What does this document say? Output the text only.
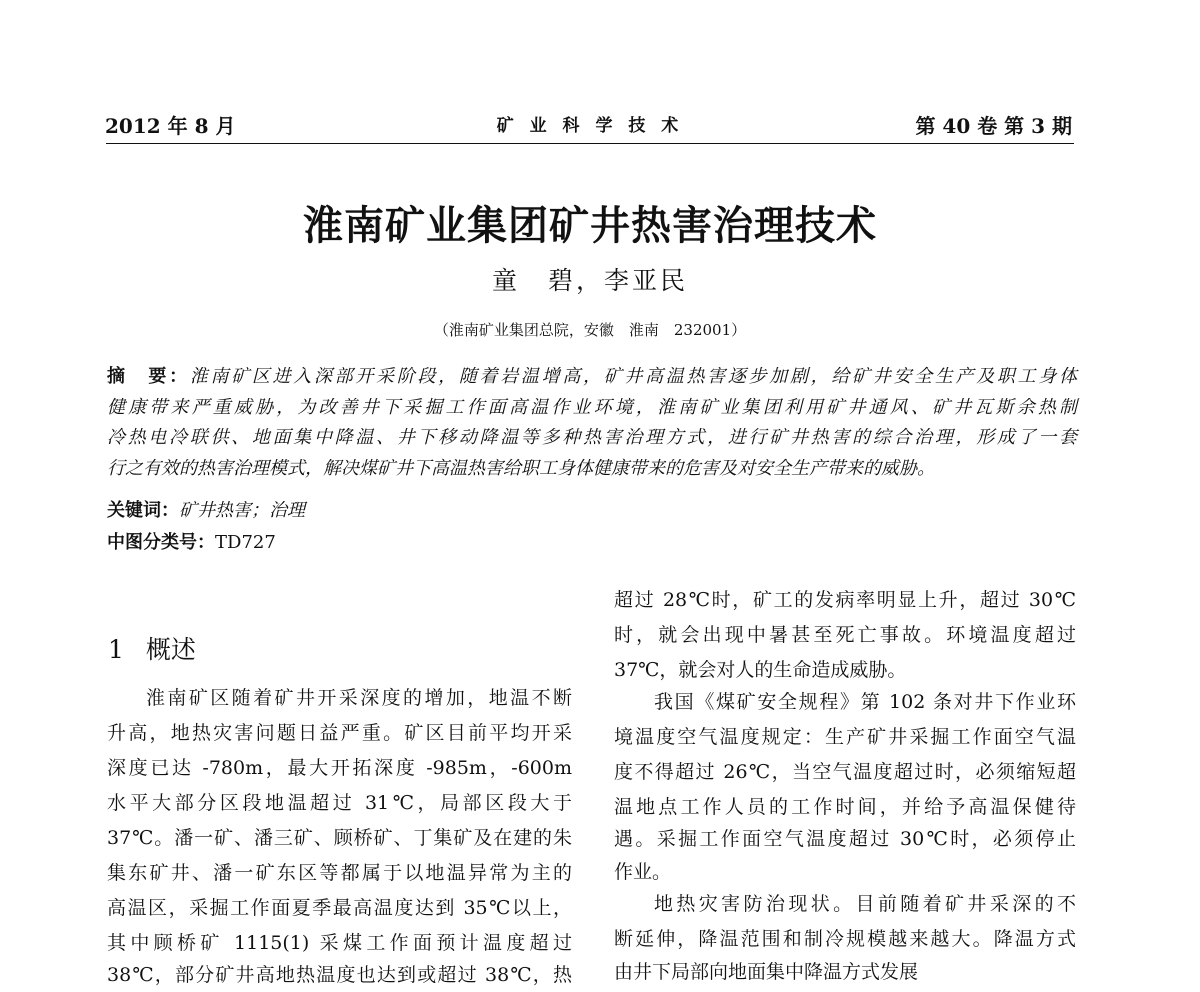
2012 年 8 月	矿 业 科 学 技 术	第 40 卷 第 3 期
淮南矿业集团矿井热害治理技术
童　碧，李亚民
（淮南矿业集团总院，安徽　淮南　232001）
摘　要：淮南矿区进入深部开采阶段，随着岩温增高，矿井高温热害逐步加剧，给矿井安全生产及职工身体
健康带来严重威胁，为改善井下采掘工作面高温作业环境，淮南矿业集团利用矿井通风、矿井瓦斯余热制
冷热电冷联供、地面集中降温、井下移动降温等多种热害治理方式，进行矿井热害的综合治理，形成了一套
行之有效的热害治理模式，解决煤矿井下高温热害给职工身体健康带来的危害及对安全生产带来的威胁。
关键词：矿井热害；治理
中图分类号：TD727
1 概述
淮南矿区随着矿井开采深度的增加，地温不断
升高，地热灾害问题日益严重。矿区目前平均开采
深度已达 -780m，最大开拓深度 -985m，-600m
水平大部分区段地温超过 31℃，局部区段大于
37℃。潘一矿、潘三矿、顾桥矿、丁集矿及在建的朱
集东矿井、潘一矿东区等都属于以地温异常为主的
高温区，采掘工作面夏季最高温度达到 35℃以上，
其中顾桥矿 1115(1) 采煤工作面预计温度超过
38℃，部分矿井高地热温度也达到或超过 38℃，热
超过 28℃时，矿工的发病率明显上升，超过 30℃
时，就会出现中暑甚至死亡事故。环境温度超过
37℃，就会对人的生命造成威胁。
我国《煤矿安全规程》第 102 条对井下作业环
境温度空气温度规定：生产矿井采掘工作面空气温
度不得超过 26℃，当空气温度超过时，必须缩短超
温地点工作人员的工作时间，并给予高温保健待
遇。采掘工作面空气温度超过 30℃时，必须停止
作业。
地热灾害防治现状。目前随着矿井采深的不
断延伸，降温范围和制冷规模越来越大。降温方式
由井下局部向地面集中降温方式发展
